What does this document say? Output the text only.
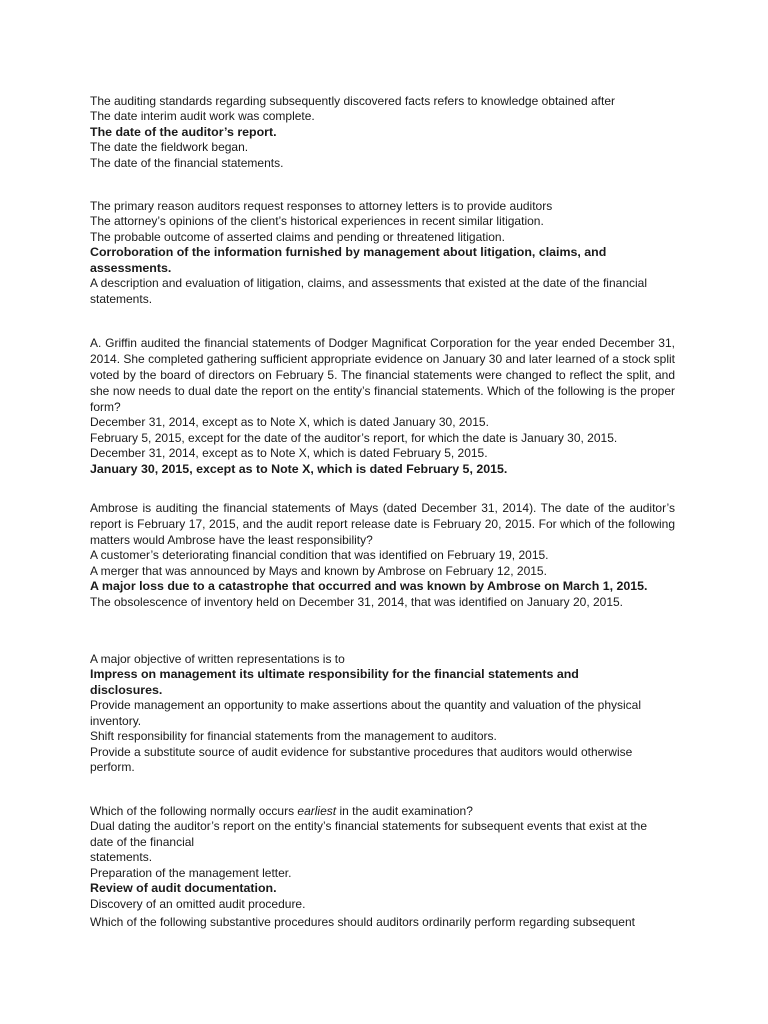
The auditing standards regarding subsequently discovered facts refers to knowledge obtained after
The date interim audit work was complete.
The date of the auditor’s report.
The date the fieldwork began.
The date of the financial statements.
The primary reason auditors request responses to attorney letters is to provide auditors
The attorney’s opinions of the client’s historical experiences in recent similar litigation.
The probable outcome of asserted claims and pending or threatened litigation.
Corroboration of the information furnished by management about litigation, claims, and assessments.
A description and evaluation of litigation, claims, and assessments that existed at the date of the financial statements.
A. Griffin audited the financial statements of Dodger Magnificat Corporation for the year ended December 31, 2014. She completed gathering sufficient appropriate evidence on January 30 and later learned of a stock split voted by the board of directors on February 5. The financial statements were changed to reflect the split, and she now needs to dual date the report on the entity’s financial statements. Which of the following is the proper form?
December 31, 2014, except as to Note X, which is dated January 30, 2015.
February 5, 2015, except for the date of the auditor’s report, for which the date is January 30, 2015.
December 31, 2014, except as to Note X, which is dated February 5, 2015.
January 30, 2015, except as to Note X, which is dated February 5, 2015.
Ambrose is auditing the financial statements of Mays (dated December 31, 2014). The date of the auditor’s report is February 17, 2015, and the audit report release date is February 20, 2015. For which of the following matters would Ambrose have the least responsibility?
A customer’s deteriorating financial condition that was identified on February 19, 2015.
A merger that was announced by Mays and known by Ambrose on February 12, 2015.
A major loss due to a catastrophe that occurred and was known by Ambrose on March 1, 2015.
The obsolescence of inventory held on December 31, 2014, that was identified on January 20, 2015.
A major objective of written representations is to
Impress on management its ultimate responsibility for the financial statements and disclosures.
Provide management an opportunity to make assertions about the quantity and valuation of the physical inventory.
Shift responsibility for financial statements from the management to auditors.
Provide a substitute source of audit evidence for substantive procedures that auditors would otherwise perform.
Which of the following normally occurs earliest in the audit examination?
Dual dating the auditor’s report on the entity’s financial statements for subsequent events that exist at the date of the financial
statements.
Preparation of the management letter.
Review of audit documentation.
Discovery of an omitted audit procedure.
Which of the following substantive procedures should auditors ordinarily perform regarding subsequent
